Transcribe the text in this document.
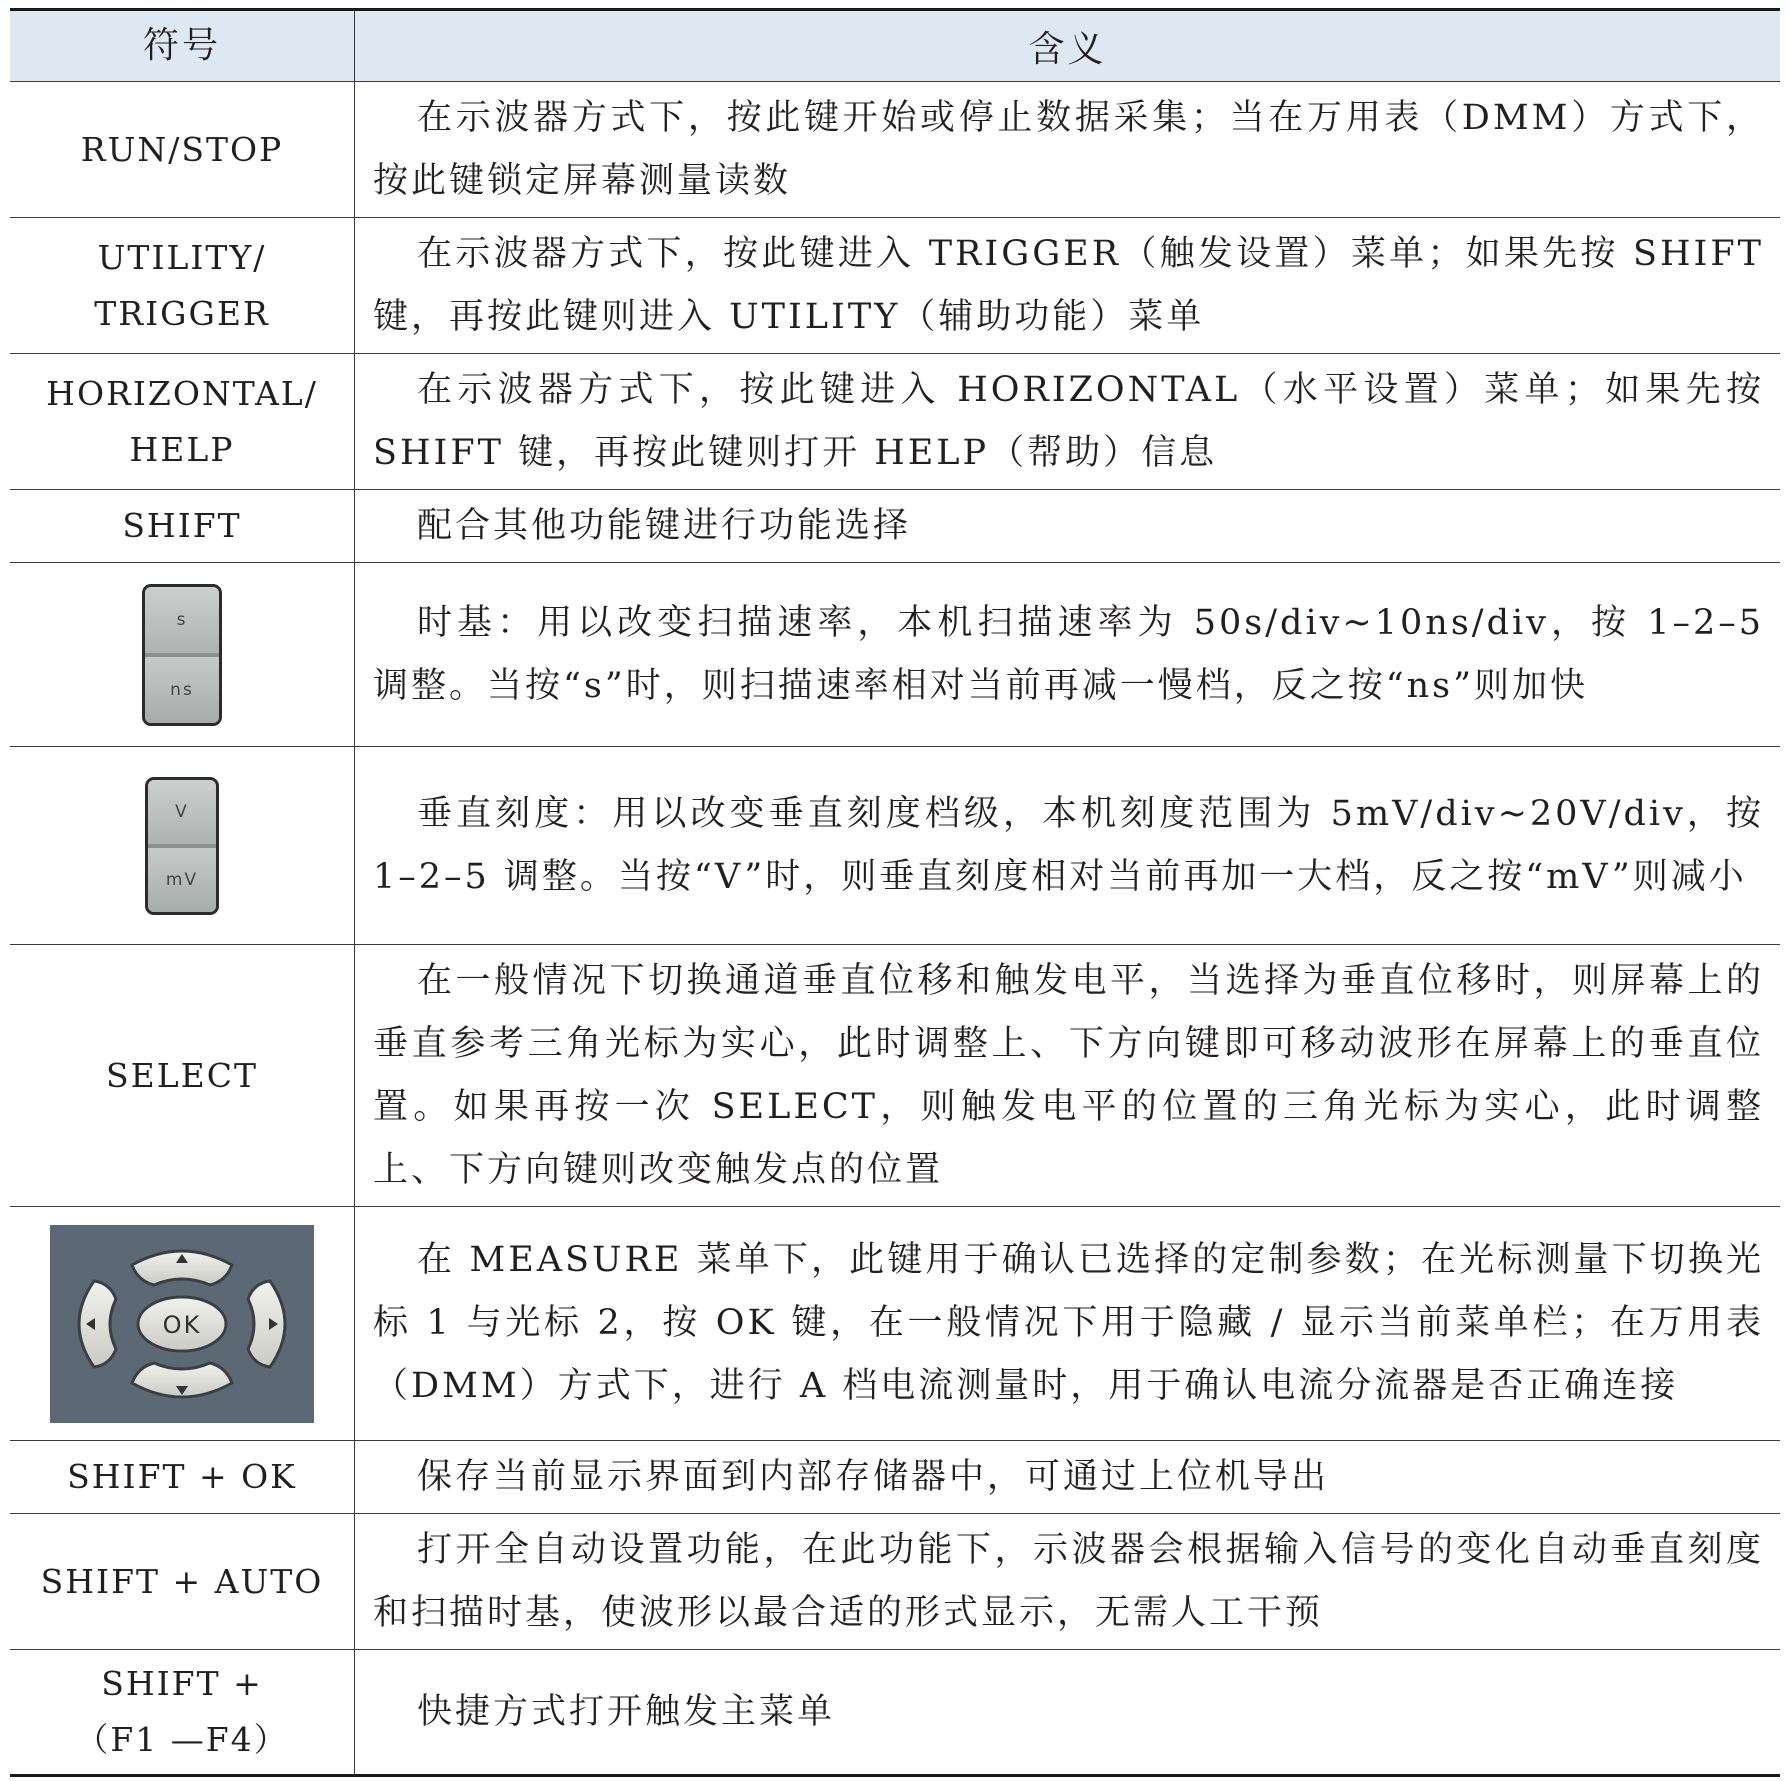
符号	含义
RUN/STOP	在示波器方式下，按此键开始或停止数据采集；当在万用表（DMM）方式下，按此键锁定屏幕测量读数

UTILITY/
TRIGGER	在示波器方式下，按此键进入 TRIGGER（触发设置）菜单；如果先按 SHIFT 键，再按此键则进入 UTILITY（辅助功能）菜单

HORIZONTAL/
HELP	在示波器方式下，按此键进入 HORIZONTAL（水平设置）菜单；如果先按 SHIFT 键，再按此键则打开 HELP（帮助）信息

SHIFT	配合其他功能键进行功能选择

$\frac{s}{ns}$	时基：用以改变扫描速率，本机扫描速率为 50s/div~10ns/div，按 1–2–5 调整。当按“s”时，则扫描速率相对当前再减一慢档，反之按“ns”则加快

$\frac{V}{mV}$	垂直刻度：用以改变垂直刻度档级，本机刻度范围为 5mV/div~20V/div，按 1–2–5 调整。当按“V”时，则垂直刻度相对当前再加一大档，反之按“mV”则减小

SELECT	在一般情况下切换通道垂直位移和触发电平，当选择为垂直位移时，则屏幕上的垂直参考三角光标为实心，此时调整上、下方向键即可移动波形在屏幕上的垂直位置。如果再按一次 SELECT，则触发电平的位置的三角光标为实心，此时调整上、下方向键则改变触发点的位置

OK	在 MEASURE 菜单下，此键用于确认已选择的定制参数；在光标测量下切换光标 1 与光标 2，按 OK 键，在一般情况下用于隐藏 / 显示当前菜单栏；在万用表（DMM）方式下，进行 A 档电流测量时，用于确认电流分流器是否正确连接

SHIFT + OK	保存当前显示界面到内部存储器中，可通过上位机导出

SHIFT + AUTO	打开全自动设置功能，在此功能下，示波器会根据输入信号的变化自动垂直刻度和扫描时基，使波形以最合适的形式显示，无需人工干预

SHIFT +
（F1 —F4）	快捷方式打开触发主菜单
